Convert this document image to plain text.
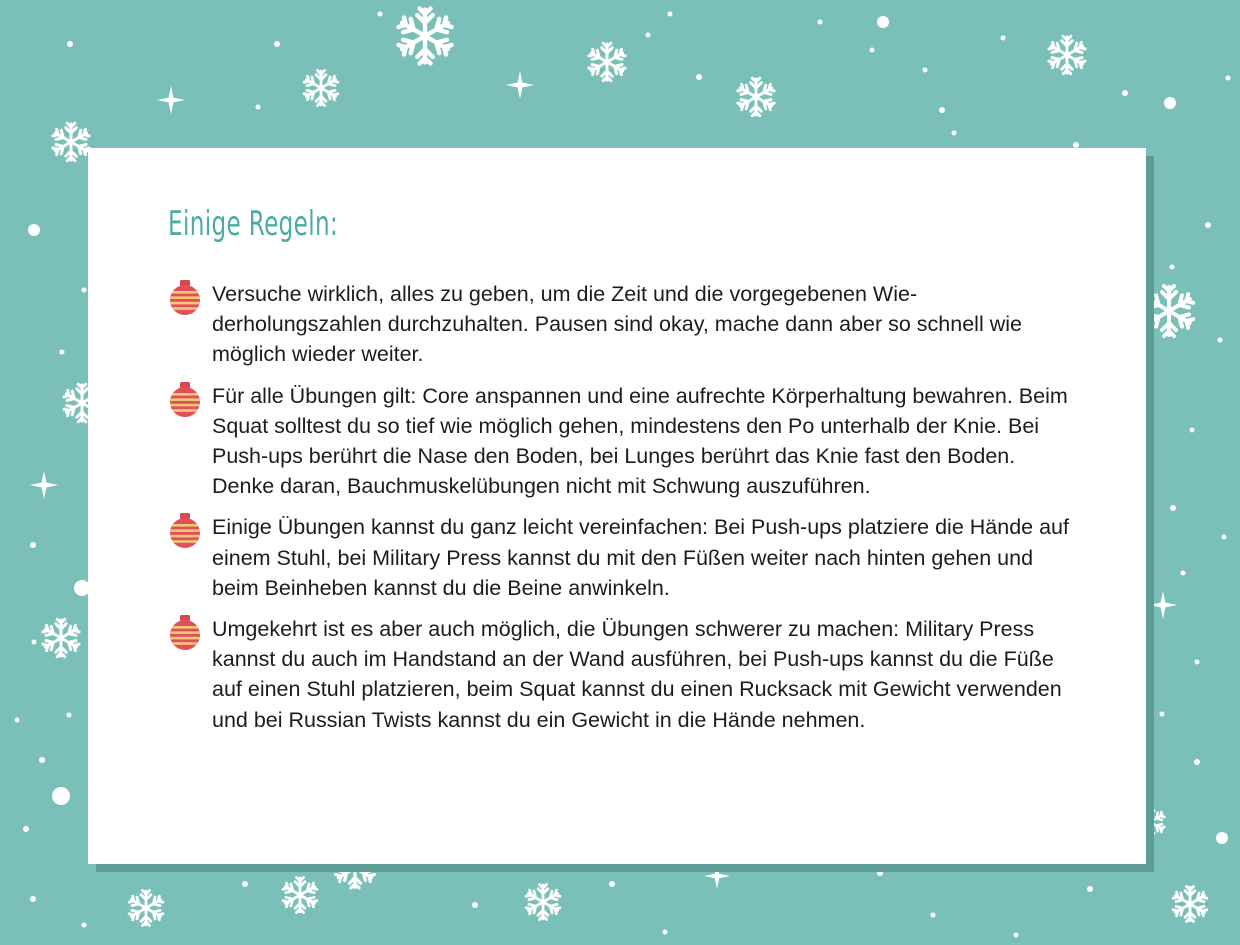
Einige Regeln:
Versuche wirklich, alles zu geben, um die Zeit und die vorgegebenen Wiederholungszahlen durchzuhalten. Pausen sind okay, mache dann aber so schnell wie möglich wieder weiter.
Für alle Übungen gilt: Core anspannen und eine aufrechte Körperhaltung bewahren. Beim Squat solltest du so tief wie möglich gehen, mindestens den Po unterhalb der Knie. Bei Push-ups berührt die Nase den Boden, bei Lunges berührt das Knie fast den Boden. Denke daran, Bauchmuskelübungen nicht mit Schwung auszuführen.
Einige Übungen kannst du ganz leicht vereinfachen: Bei Push-ups platziere die Hände auf einem Stuhl, bei Military Press kannst du mit den Füßen weiter nach hinten gehen und beim Beinheben kannst du die Beine anwinkeln.
Umgekehrt ist es aber auch möglich, die Übungen schwerer zu machen: Military Press kannst du auch im Handstand an der Wand ausführen, bei Push-ups kannst du die Füße auf einen Stuhl platzieren, beim Squat kannst du einen Rucksack mit Gewicht verwenden und bei Russian Twists kannst du ein Gewicht in die Hände nehmen.
